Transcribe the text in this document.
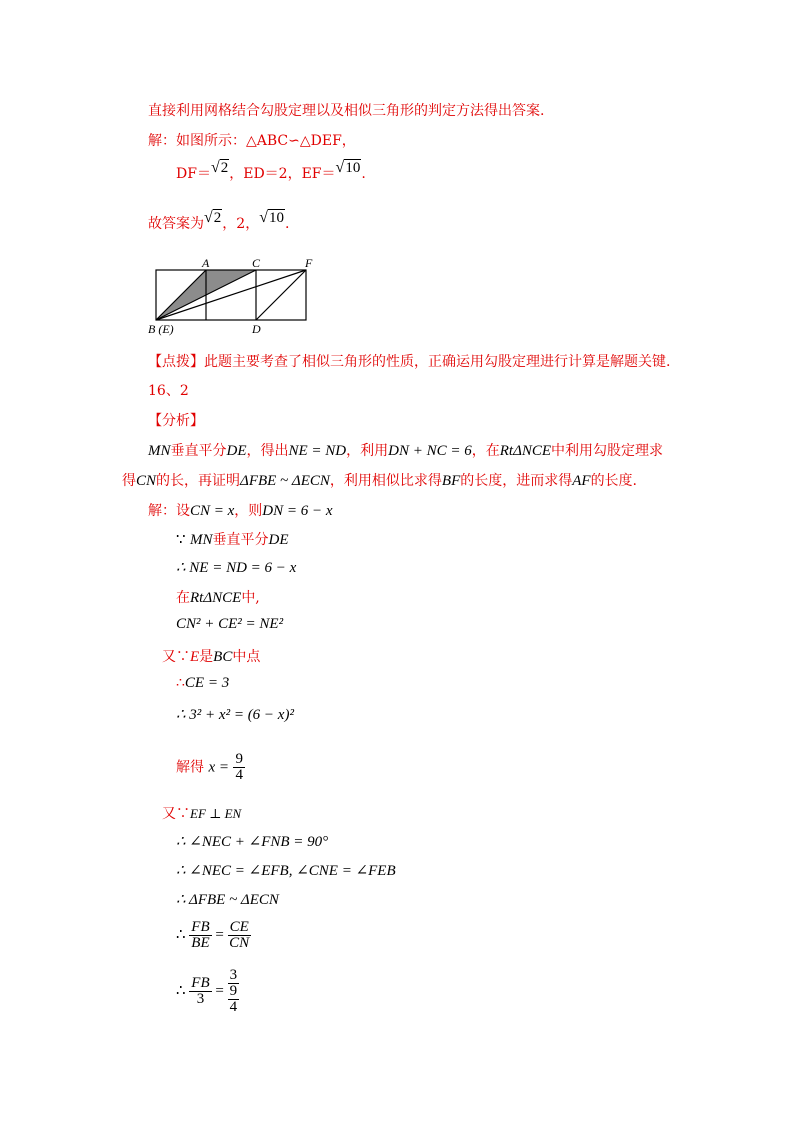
直接利用网格结合勾股定理以及相似三角形的判定方法得出答案.
解：如图所示：△ABC∽△DEF，
DF＝√2，ED＝2，EF＝√10.
故答案为√2，2，√10.
A	C	F
B (E)	D
【点拨】此题主要考查了相似三角形的性质，正确运用勾股定理进行计算是解题关键.
16、2
【分析】
MN垂直平分DE，得出NE = ND，利用DN + NC = 6，在RtΔNCE中利用勾股定理求
得CN的长，再证明ΔFBE ~ ΔECN，利用相似比求得BF的长度，进而求得AF的长度.
解：设CN = x，则DN = 6 − x
∵ MN垂直平分DE
∴ NE = ND = 6 − x
在RtΔNCE中,
CN² + CE² = NE²
又∵E是BC中点
∴CE = 3
∴ 3² + x² = (6 − x)²
解得 $x = \frac{9}{4}$
又∵EF ⊥ EN
∴ ∠NEC + ∠FNB = 90°
∴ ∠NEC = ∠EFB, ∠CNE = ∠FEB
∴ ΔFBE ~ ΔECN
∴ $\frac{FB}{BE} = \frac{CE}{CN}$
∴ $\frac{FB}{3} = 3$
9
4
